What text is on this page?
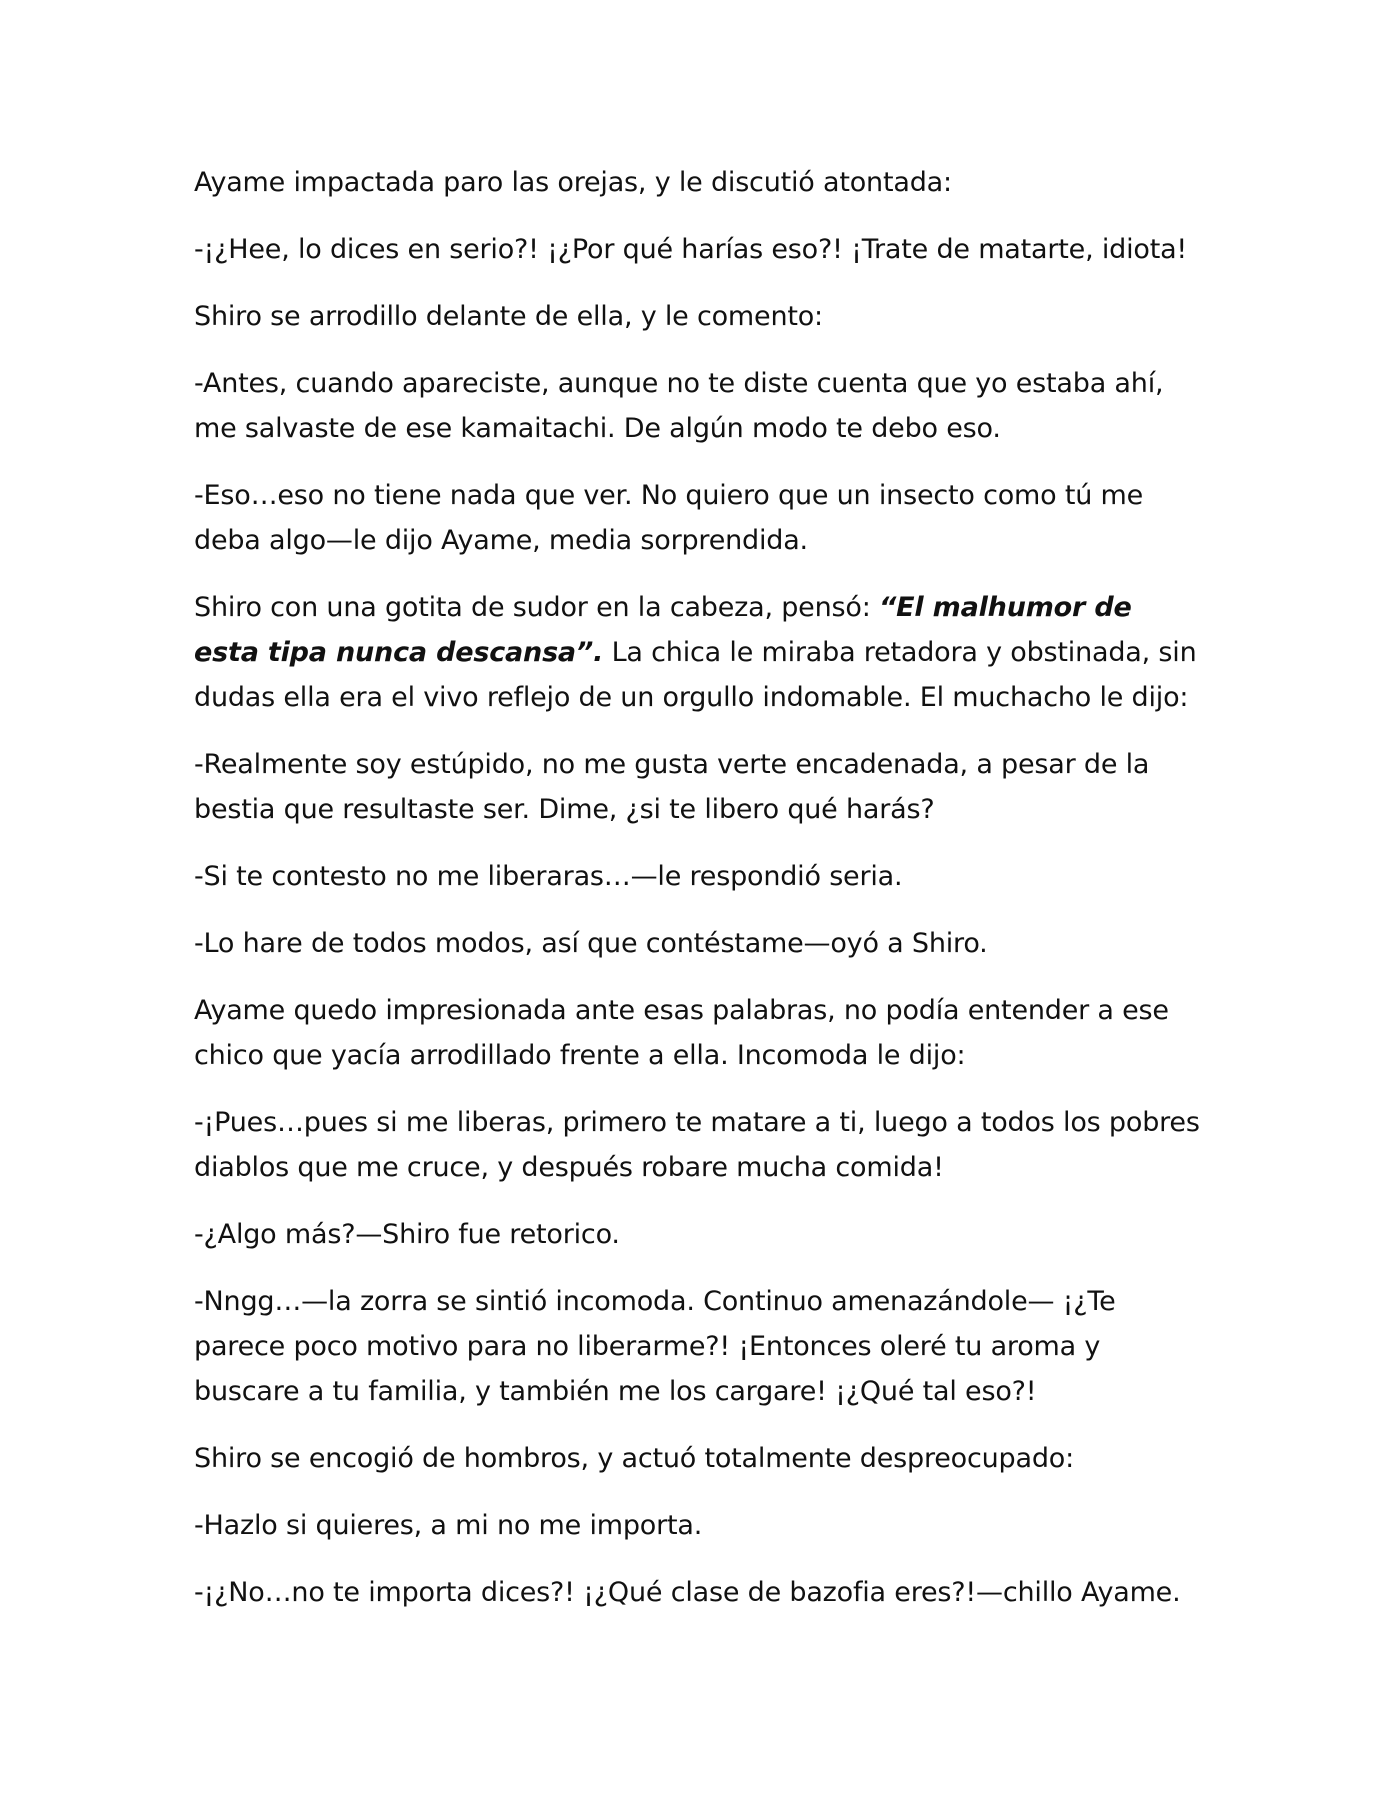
Ayame impactada paro las orejas, y le discutió atontada:

-¡¿Hee, lo dices en serio?! ¡¿Por qué harías eso?! ¡Trate de matarte, idiota!

Shiro se arrodillo delante de ella, y le comento:

-Antes, cuando apareciste, aunque no te diste cuenta que yo estaba ahí, me salvaste de ese kamaitachi. De algún modo te debo eso.

-Eso…eso no tiene nada que ver. No quiero que un insecto como tú me deba algo—le dijo Ayame, media sorprendida.

Shiro con una gotita de sudor en la cabeza, pensó: “El malhumor de esta tipa nunca descansa”. La chica le miraba retadora y obstinada, sin dudas ella era el vivo reflejo de un orgullo indomable. El muchacho le dijo:

-Realmente soy estúpido, no me gusta verte encadenada, a pesar de la bestia que resultaste ser. Dime, ¿si te libero qué harás?

-Si te contesto no me liberaras…—le respondió seria.

-Lo hare de todos modos, así que contéstame—oyó a Shiro.

Ayame quedo impresionada ante esas palabras, no podía entender a ese chico que yacía arrodillado frente a ella. Incomoda le dijo:

-¡Pues…pues si me liberas, primero te matare a ti, luego a todos los pobres diablos que me cruce, y después robare mucha comida!

-¿Algo más?—Shiro fue retorico.

-Nngg…—la zorra se sintió incomoda. Continuo amenazándole— ¡¿Te parece poco motivo para no liberarme?! ¡Entonces oleré tu aroma y buscare a tu familia, y también me los cargare! ¡¿Qué tal eso?!

Shiro se encogió de hombros, y actuó totalmente despreocupado:

-Hazlo si quieres, a mi no me importa.

-¡¿No…no te importa dices?! ¡¿Qué clase de bazofia eres?!—chillo Ayame.
